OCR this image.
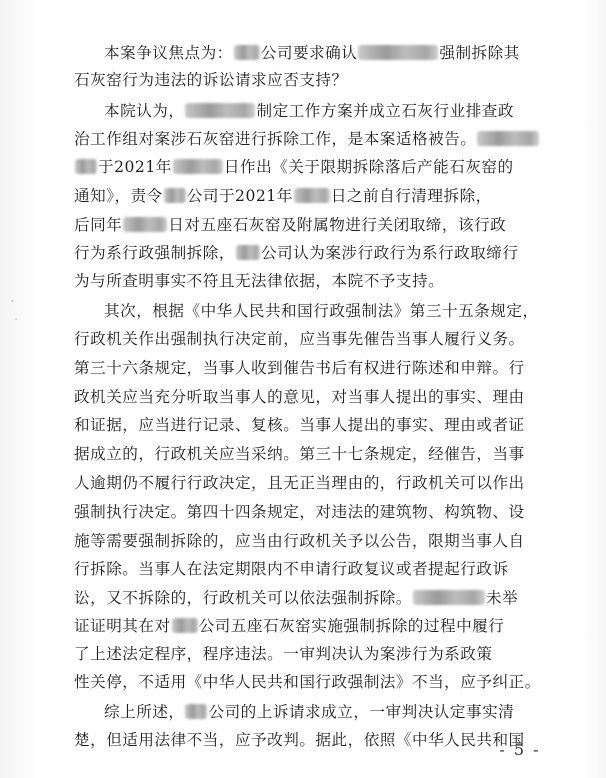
本案争议焦点为： 公司要求确认	强制拆除其
石灰窑行为违法的诉讼请求应否支持？
本院认为，	制定工作方案并成立石灰行业排查政
治工作组对案涉石灰窑进行拆除工作，是本案适格被告。
于2021年	日作出《关于限期拆除落后产能石灰窑的
通知》，责令 公司于2021年 日之前自行清理拆除，
后同年	日对五座石灰窑及附属物进行关闭取缔，该行政
行为系行政强制拆除， 公司认为案涉行政行为系行政取缔行
为与所查明事实不符且无法律依据，本院不予支持。
其次，根据《中华人民共和国行政强制法》第三十五条规定，
行政机关作出强制执行决定前，应当事先催告当事人履行义务。
第三十六条规定，当事人收到催告书后有权进行陈述和申辩。行
政机关应当充分听取当事人的意见，对当事人提出的事实、理由
和证据，应当进行记录、复核。当事人提出的事实、理由或者证
据成立的，行政机关应当采纳。第三十七条规定，经催告，当事
人逾期仍不履行行政决定，且无正当理由的，行政机关可以作出
强制执行决定。第四十四条规定，对违法的建筑物、构筑物、设
施等需要强制拆除的，应当由行政机关予以公告，限期当事人自
行拆除。当事人在法定期限内不申请行政复议或者提起行政诉
讼，又不拆除的，行政机关可以依法强制拆除。	未举
证证明其在对 公司五座石灰窑实施强制拆除的过程中履行
了上述法定程序，程序违法。一审判决认为案涉行为系政策
性关停，不适用《中华人民共和国行政强制法》不当，应予纠正。
综上所述， 公司的上诉请求成立，一审判决认定事实清
楚，但适用法律不当，应予改判。据此，依照《中华人民共和国
- 5 -
